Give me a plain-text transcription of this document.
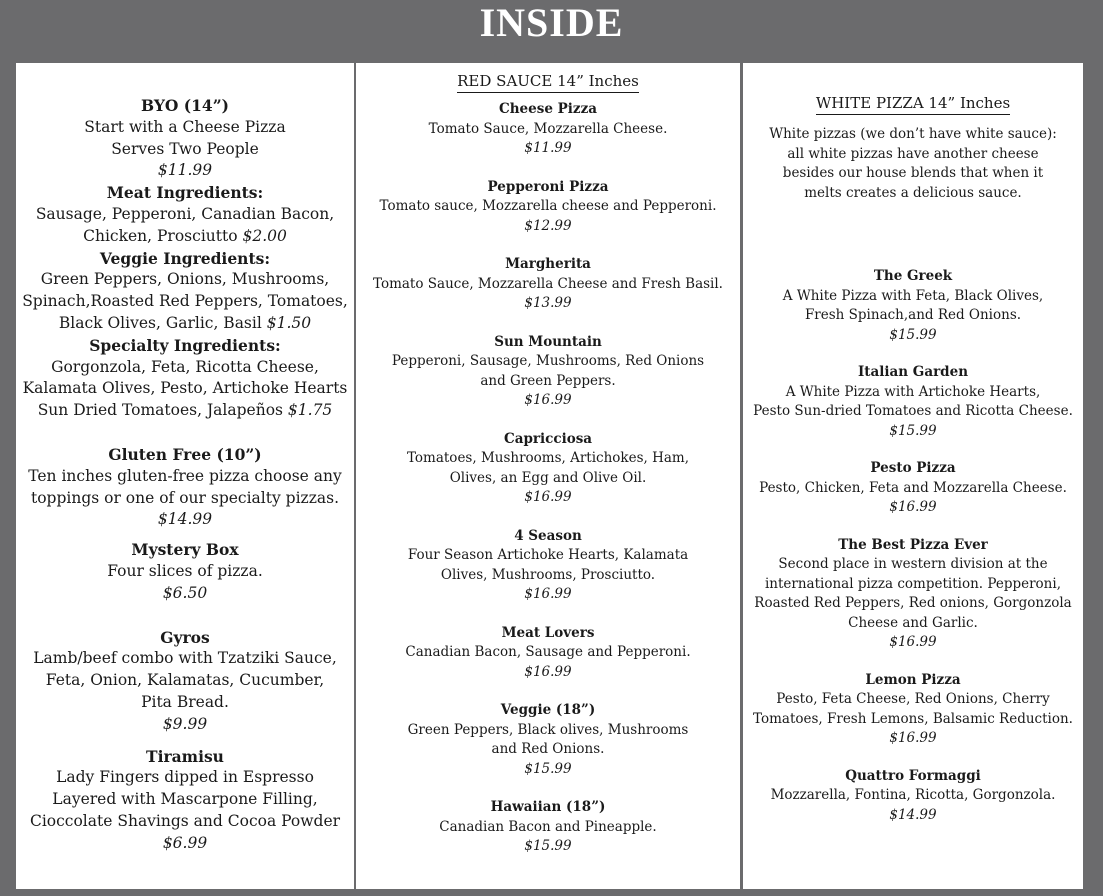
INSIDE
BYO (14”)
Start with a Cheese Pizza
Serves Two People
$11.99
Meat Ingredients:
Sausage, Pepperoni, Canadian Bacon,
Chicken, Prosciutto $2.00
Veggie Ingredients:
Green Peppers, Onions, Mushrooms,
Spinach,Roasted Red Peppers, Tomatoes,
Black Olives, Garlic, Basil $1.50
Specialty Ingredients:
Gorgonzola, Feta, Ricotta Cheese,
Kalamata Olives, Pesto, Artichoke Hearts
Sun Dried Tomatoes, Jalapeños $1.75
Gluten Free (10”)
Ten inches gluten-free pizza choose any
toppings or one of our specialty pizzas.
$14.99
Mystery Box
Four slices of pizza.
$6.50
Gyros
Lamb/beef combo with Tzatziki Sauce,
Feta, Onion, Kalamatas, Cucumber,
Pita Bread.
$9.99
Tiramisu
Lady Fingers dipped in Espresso
Layered with Mascarpone Filling,
Cioccolate Shavings and Cocoa Powder
$6.99
RED SAUCE 14” Inches
Cheese Pizza
Tomato Sauce, Mozzarella Cheese.
$11.99
Pepperoni Pizza
Tomato sauce, Mozzarella cheese and Pepperoni.
$12.99
Margherita
Tomato Sauce, Mozzarella Cheese and Fresh Basil.
$13.99
Sun Mountain
Pepperoni, Sausage, Mushrooms, Red Onions
and Green Peppers.
$16.99
Capricciosa
Tomatoes, Mushrooms, Artichokes, Ham,
Olives, an Egg and Olive Oil.
$16.99
4 Season
Four Season Artichoke Hearts, Kalamata
Olives, Mushrooms, Prosciutto.
$16.99
Meat Lovers
Canadian Bacon, Sausage and Pepperoni.
$16.99
Veggie (18”)
Green Peppers, Black olives, Mushrooms
and Red Onions.
$15.99
Hawaiian (18”)
Canadian Bacon and Pineapple.
$15.99
WHITE PIZZA 14” Inches
White pizzas (we don’t have white sauce): all white pizzas have another cheese besides our house blends that when it melts creates a delicious sauce.
The Greek
A White Pizza with Feta, Black Olives,
Fresh Spinach,and Red Onions.
$15.99
Italian Garden
A White Pizza with Artichoke Hearts,
Pesto Sun-dried Tomatoes and Ricotta Cheese.
$15.99
Pesto Pizza
Pesto, Chicken, Feta and Mozzarella Cheese.
$16.99
The Best Pizza Ever
Second place in western division at the
international pizza competition. Pepperoni,
Roasted Red Peppers, Red onions, Gorgonzola
Cheese and Garlic.
$16.99
Lemon Pizza
Pesto, Feta Cheese, Red Onions, Cherry
Tomatoes, Fresh Lemons, Balsamic Reduction.
$16.99
Quattro Formaggi
Mozzarella, Fontina, Ricotta, Gorgonzola.
$14.99
